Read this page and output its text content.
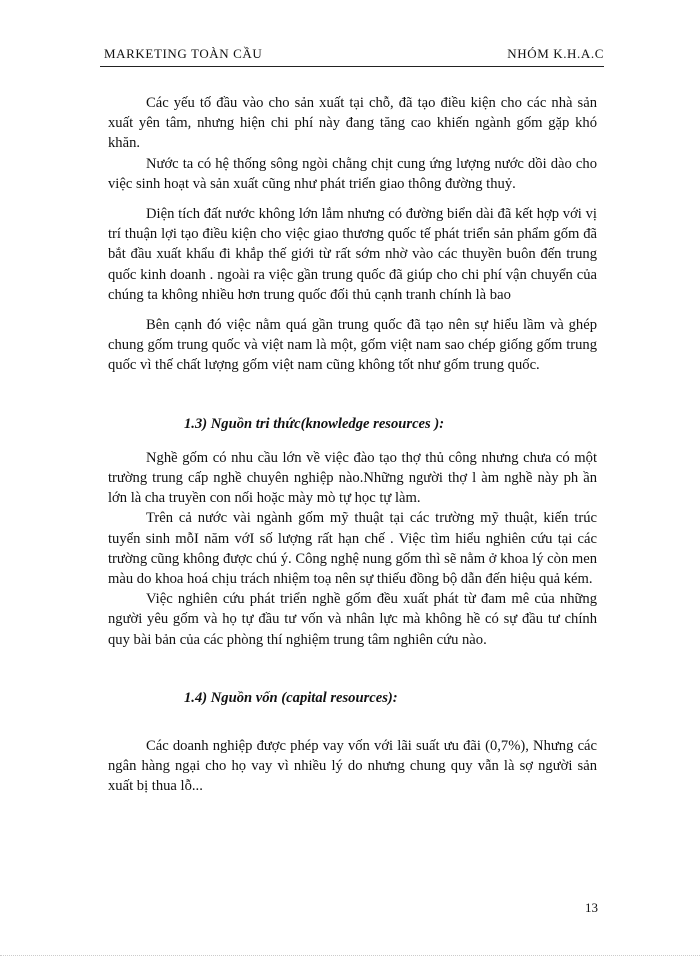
MARKETING TOÀN CẦU	NHÓM K.H.A.C

Các yếu tố đầu vào cho sản xuất tại chỗ, đã tạo điều kiện cho các nhà sản xuất yên tâm, nhưng hiện chi phí này đang tăng cao khiến ngành gốm gặp khó khăn.

Nước ta có hệ thống sông ngòi chằng chịt cung ứng lượng nước dồi dào cho việc sinh hoạt và sản xuất cũng như phát triển giao thông đường thuỷ.

Diện tích đất nước không lớn lắm nhưng có đường biển dài đã kết hợp với vị trí thuận lợi tạo điều kiện cho việc giao thương quốc tế phát triển sản phẩm gốm đã bắt đầu xuất khẩu đi khắp thế giới từ rất sớm nhờ vào các thuyền buôn đến trung quốc kinh doanh . ngoài ra việc gần trung quốc đã giúp cho chi phí vận chuyển của chúng ta không nhiều hơn trung quốc đối thủ cạnh tranh chính là bao

Bên cạnh đó việc nằm quá gần trung quốc đã tạo nên sự hiểu lầm và ghép chung gốm trung quốc và việt nam là một, gốm việt nam sao chép giống gốm trung quốc vì thế chất lượng gốm việt nam cũng không tốt như gốm trung quốc.

1.3) Nguồn tri thức(knowledge resources ):

Nghề gốm có nhu cầu lớn về việc đào tạo thợ thủ công nhưng chưa có một trường trung cấp nghề chuyên nghiệp nào.Những người thợ l àm nghề này ph ần lớn là cha truyền con nối hoặc mày mò tự học tự làm.

Trên cả nước vài ngành gốm mỹ thuật tại các trường mỹ thuật, kiến trúc tuyển sinh mỗI năm vớI số lượng rất hạn chế . Việc tìm hiểu nghiên cứu tại các trường cũng không được chú ý. Công nghệ nung gốm thì sẽ nằm ở khoa lý còn men màu do khoa hoá chịu trách nhiệm toạ nên sự thiếu đồng bộ dẫn đến hiệu quả kém.

Việc nghiên cứu phát triển nghề gốm đều xuất phát từ đam mê của những người yêu gốm và họ tự đầu tư vốn và nhân lực mà không hề có sự đầu tư chính quy bài bản của các phòng thí nghiệm trung tâm nghiên cứu nào.

1.4) Nguồn vốn (capital resources):

Các doanh nghiệp được phép vay vốn với lãi suất ưu đãi (0,7%), Nhưng các ngân hàng ngại cho họ vay vì nhiều lý do nhưng chung quy vẫn là sợ người sản xuất bị thua lỗ...

13
